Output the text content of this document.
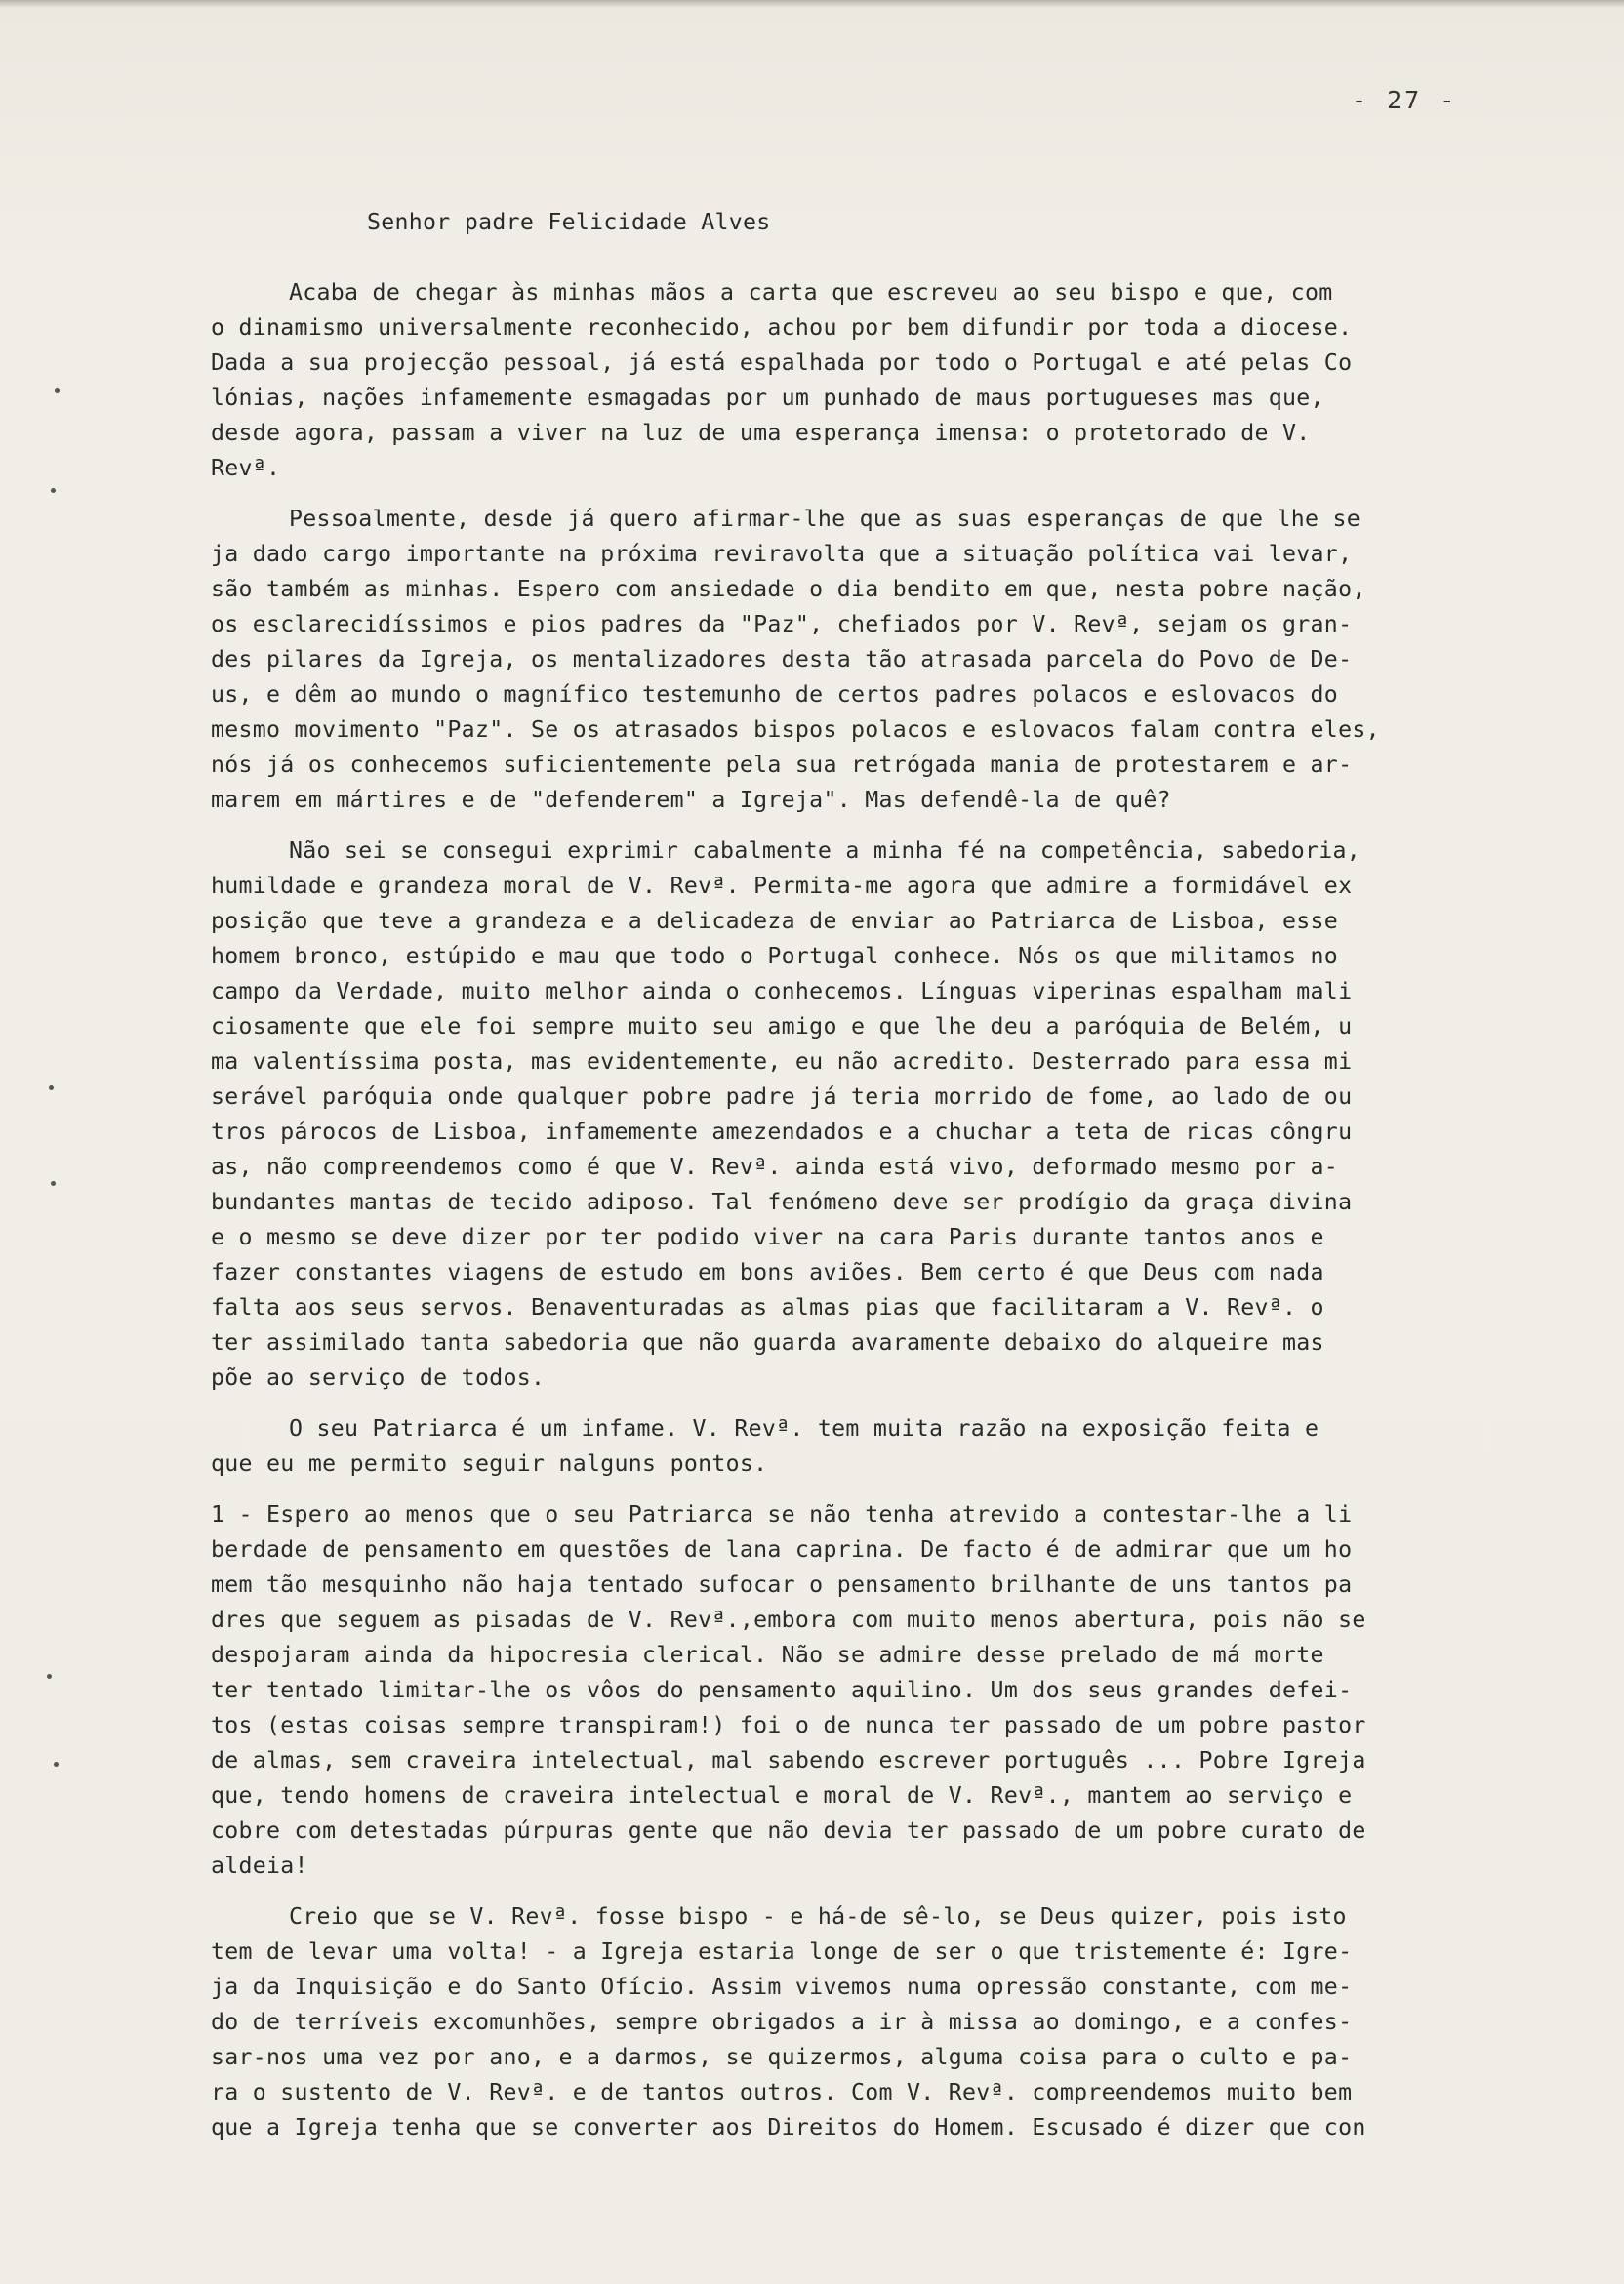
- 27 -
Senhor padre Felicidade Alves
Acaba de chegar às minhas mãos a carta que escreveu ao seu bispo e que, com
o dinamismo universalmente reconhecido, achou por bem difundir por toda a diocese.
Dada a sua projecção pessoal, já está espalhada por todo o Portugal e até pelas Co
lónias, nações infamemente esmagadas por um punhado de maus portugueses mas que,
desde agora, passam a viver na luz de uma esperança imensa: o protetorado de V.
Revª.
Pessoalmente, desde já quero afirmar-lhe que as suas esperanças de que lhe se
ja dado cargo importante na próxima reviravolta que a situação política vai levar,
são também as minhas. Espero com ansiedade o dia bendito em que, nesta pobre nação,
os esclarecidíssimos e pios padres da "Paz", chefiados por V. Revª, sejam os gran-
des pilares da Igreja, os mentalizadores desta tão atrasada parcela do Povo de De-
us, e dêm ao mundo o magnífico testemunho de certos padres polacos e eslovacos do
mesmo movimento "Paz". Se os atrasados bispos polacos e eslovacos falam contra eles,
nós já os conhecemos suficientemente pela sua retrógada mania de protestarem e ar-
marem em mártires e de "defenderem" a Igreja". Mas defendê-la de quê?
Não sei se consegui exprimir cabalmente a minha fé na competência, sabedoria,
humildade e grandeza moral de V. Revª. Permita-me agora que admire a formidável ex
posição que teve a grandeza e a delicadeza de enviar ao Patriarca de Lisboa, esse
homem bronco, estúpido e mau que todo o Portugal conhece. Nós os que militamos no
campo da Verdade, muito melhor ainda o conhecemos. Línguas viperinas espalham mali
ciosamente que ele foi sempre muito seu amigo e que lhe deu a paróquia de Belém, u
ma valentíssima posta, mas evidentemente, eu não acredito. Desterrado para essa mi
serável paróquia onde qualquer pobre padre já teria morrido de fome, ao lado de ou
tros párocos de Lisboa, infamemente amezendados e a chuchar a teta de ricas côngru
as, não compreendemos como é que V. Revª. ainda está vivo, deformado mesmo por a-
bundantes mantas de tecido adiposo. Tal fenómeno deve ser prodígio da graça divina
e o mesmo se deve dizer por ter podido viver na cara Paris durante tantos anos e
fazer constantes viagens de estudo em bons aviões. Bem certo é que Deus com nada
falta aos seus servos. Benaventuradas as almas pias que facilitaram a V. Revª. o
ter assimilado tanta sabedoria que não guarda avaramente debaixo do alqueire mas
põe ao serviço de todos.
O seu Patriarca é um infame. V. Revª. tem muita razão na exposição feita e
que eu me permito seguir nalguns pontos.
1 - Espero ao menos que o seu Patriarca se não tenha atrevido a contestar-lhe a li
berdade de pensamento em questões de lana caprina. De facto é de admirar que um ho
mem tão mesquinho não haja tentado sufocar o pensamento brilhante de uns tantos pa
dres que seguem as pisadas de V. Revª.,embora com muito menos abertura, pois não se
despojaram ainda da hipocresia clerical. Não se admire desse prelado de má morte
ter tentado limitar-lhe os vôos do pensamento aquilino. Um dos seus grandes defei-
tos (estas coisas sempre transpiram!) foi o de nunca ter passado de um pobre pastor
de almas, sem craveira intelectual, mal sabendo escrever português ... Pobre Igreja
que, tendo homens de craveira intelectual e moral de V. Revª., mantem ao serviço e
cobre com detestadas púrpuras gente que não devia ter passado de um pobre curato de
aldeia!
Creio que se V. Revª. fosse bispo - e há-de sê-lo, se Deus quizer, pois isto
tem de levar uma volta! - a Igreja estaria longe de ser o que tristemente é: Igre-
ja da Inquisição e do Santo Ofício. Assim vivemos numa opressão constante, com me-
do de terríveis excomunhões, sempre obrigados a ir à missa ao domingo, e a confes-
sar-nos uma vez por ano, e a darmos, se quizermos, alguma coisa para o culto e pa-
ra o sustento de V. Revª. e de tantos outros. Com V. Revª. compreendemos muito bem
que a Igreja tenha que se converter aos Direitos do Homem. Escusado é dizer que con
